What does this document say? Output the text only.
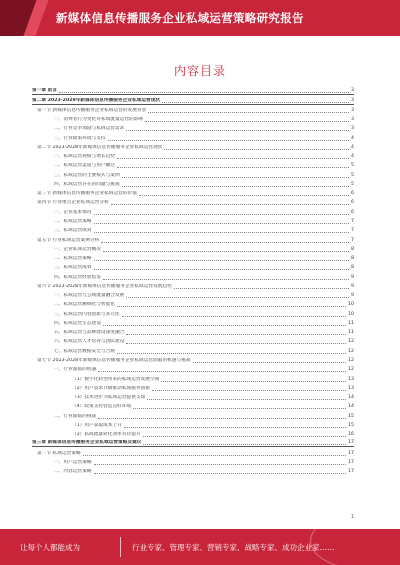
新媒体信息传播服务企业私域运营策略研究报告
内容目录
第一章 前言	3
第二章 2023-2028年新媒体信息传播服务企业私域运营现状	3
第一节 新媒体信息传播服务企业私域运营的发展背景	3
一、消费者行为变化对私域流量运营的影响	3
二、行业竞争加剧与私域运营需求	3
三、行业政策环境与支持	4
第二节 2023-2028年新媒体信息传播服务企业私域运营现状	4
一、私域运营规模与增长趋势	4
二、私域运营渠道与用户触达	5
三、私域运营的主要模式与案例	5
四、私域运营存在的问题与挑战	5
第三节 新媒体信息传播服务企业私域运营的价值	6
第四节 行业重点企业私域运营分析	6
一、企业基本情况	6
二、私域运营策略	7
三、私域运营成效	7
第五节 行业私域运营案例分析	7
一、企业私域运营概况	8
二、私域运营策略	8
三、私域运营成效	8
四、私域运营经验借鉴	9
第六节 2023-2028年新媒体信息传播服务企业私域运营发展趋势	9
一、私域运营与公域流量融合发展	9
二、私域运营精细化与智能化	10
三、私域运营内容创新与多元化	10
四、私域运营生态建设	11
五、私域运营与品牌建设深度融合	11
六、私域运营人才培养与团队建设	12
七、私域运营数据安全与合规	12
第七节 2023-2028年新媒体信息传播服务企业私域运营面临的机遇与挑战	12
一、行业面临的机遇	12
（1）数字化转型带来的私域运营发展空间	13
（2）用户需求升级推动私域服务创新	13
（3）技术进步为私域运营提供支撑	14
（4）政策支持营造良好环境	14
二、行业面临的挑战	15
（1）用户获取成本上升	15
（2）私域流量转化效率有待提升	16
第三章 新媒体信息传播服务企业私域运营策略及建议	17
第一节 私域运营策略	17
一、用户运营策略	17
二、内容运营策略	17
1
让每个人都能成为	行业专家、管理专家、营销专家、战略专家、成功企业家……
